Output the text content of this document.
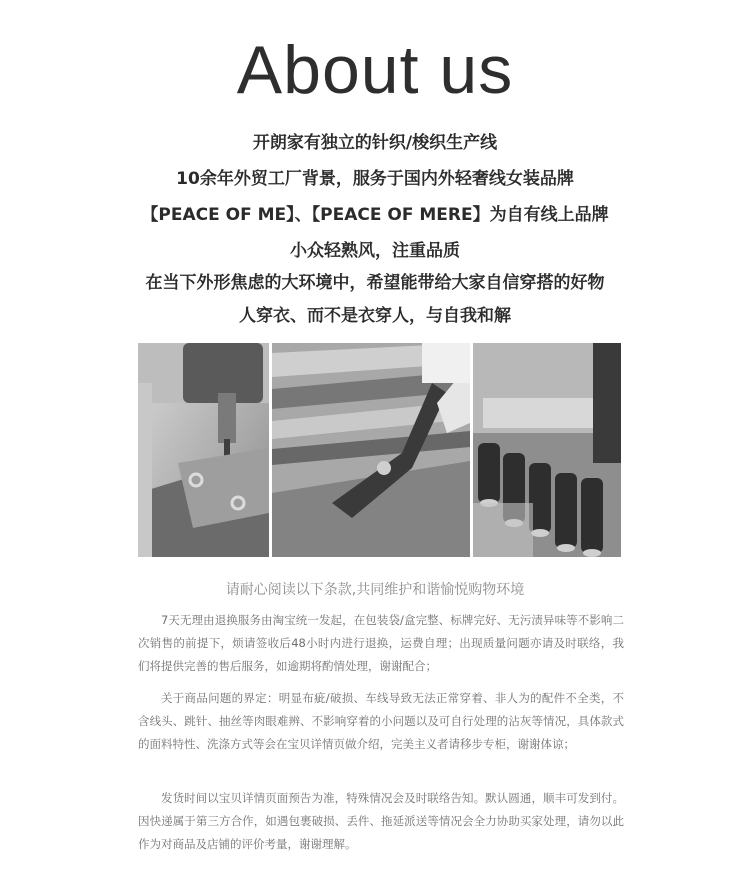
About us
开朗家有独立的针织/梭织生产线
10余年外贸工厂背景，服务于国内外轻奢线女装品牌
【PEACE OF ME】、【PEACE OF MERE】为自有线上品牌
小众轻熟风，注重品质
在当下外形焦虑的大环境中，希望能带给大家自信穿搭的好物
人穿衣、而不是衣穿人，与自我和解
请耐心阅读以下条款,共同维护和谐愉悦购物环境

7天无理由退换服务由淘宝统一发起，在包装袋/盒完整、标牌完好、无污渍异味等不影响二次销售的前提下，烦请签收后48小时内进行退换，运费自理；出现质量问题亦请及时联络，我们将提供完善的售后服务，如逾期将酌情处理，谢谢配合；

关于商品问题的界定：明显布疵/破损、车线导致无法正常穿着、非人为的配件不全类，不含线头、跳针、抽丝等肉眼难辨、不影响穿着的小问题以及可自行处理的沾灰等情况，具体款式的面料特性、洗涤方式等会在宝贝详情页做介绍，完美主义者请移步专柜，谢谢体谅；

发货时间以宝贝详情页面预告为准，特殊情况会及时联络告知。默认圆通，顺丰可发到付。因快递属于第三方合作，如遇包裹破损、丢件、拖延派送等情况会全力协助买家处理，请勿以此作为对商品及店铺的评价考量，谢谢理解。
